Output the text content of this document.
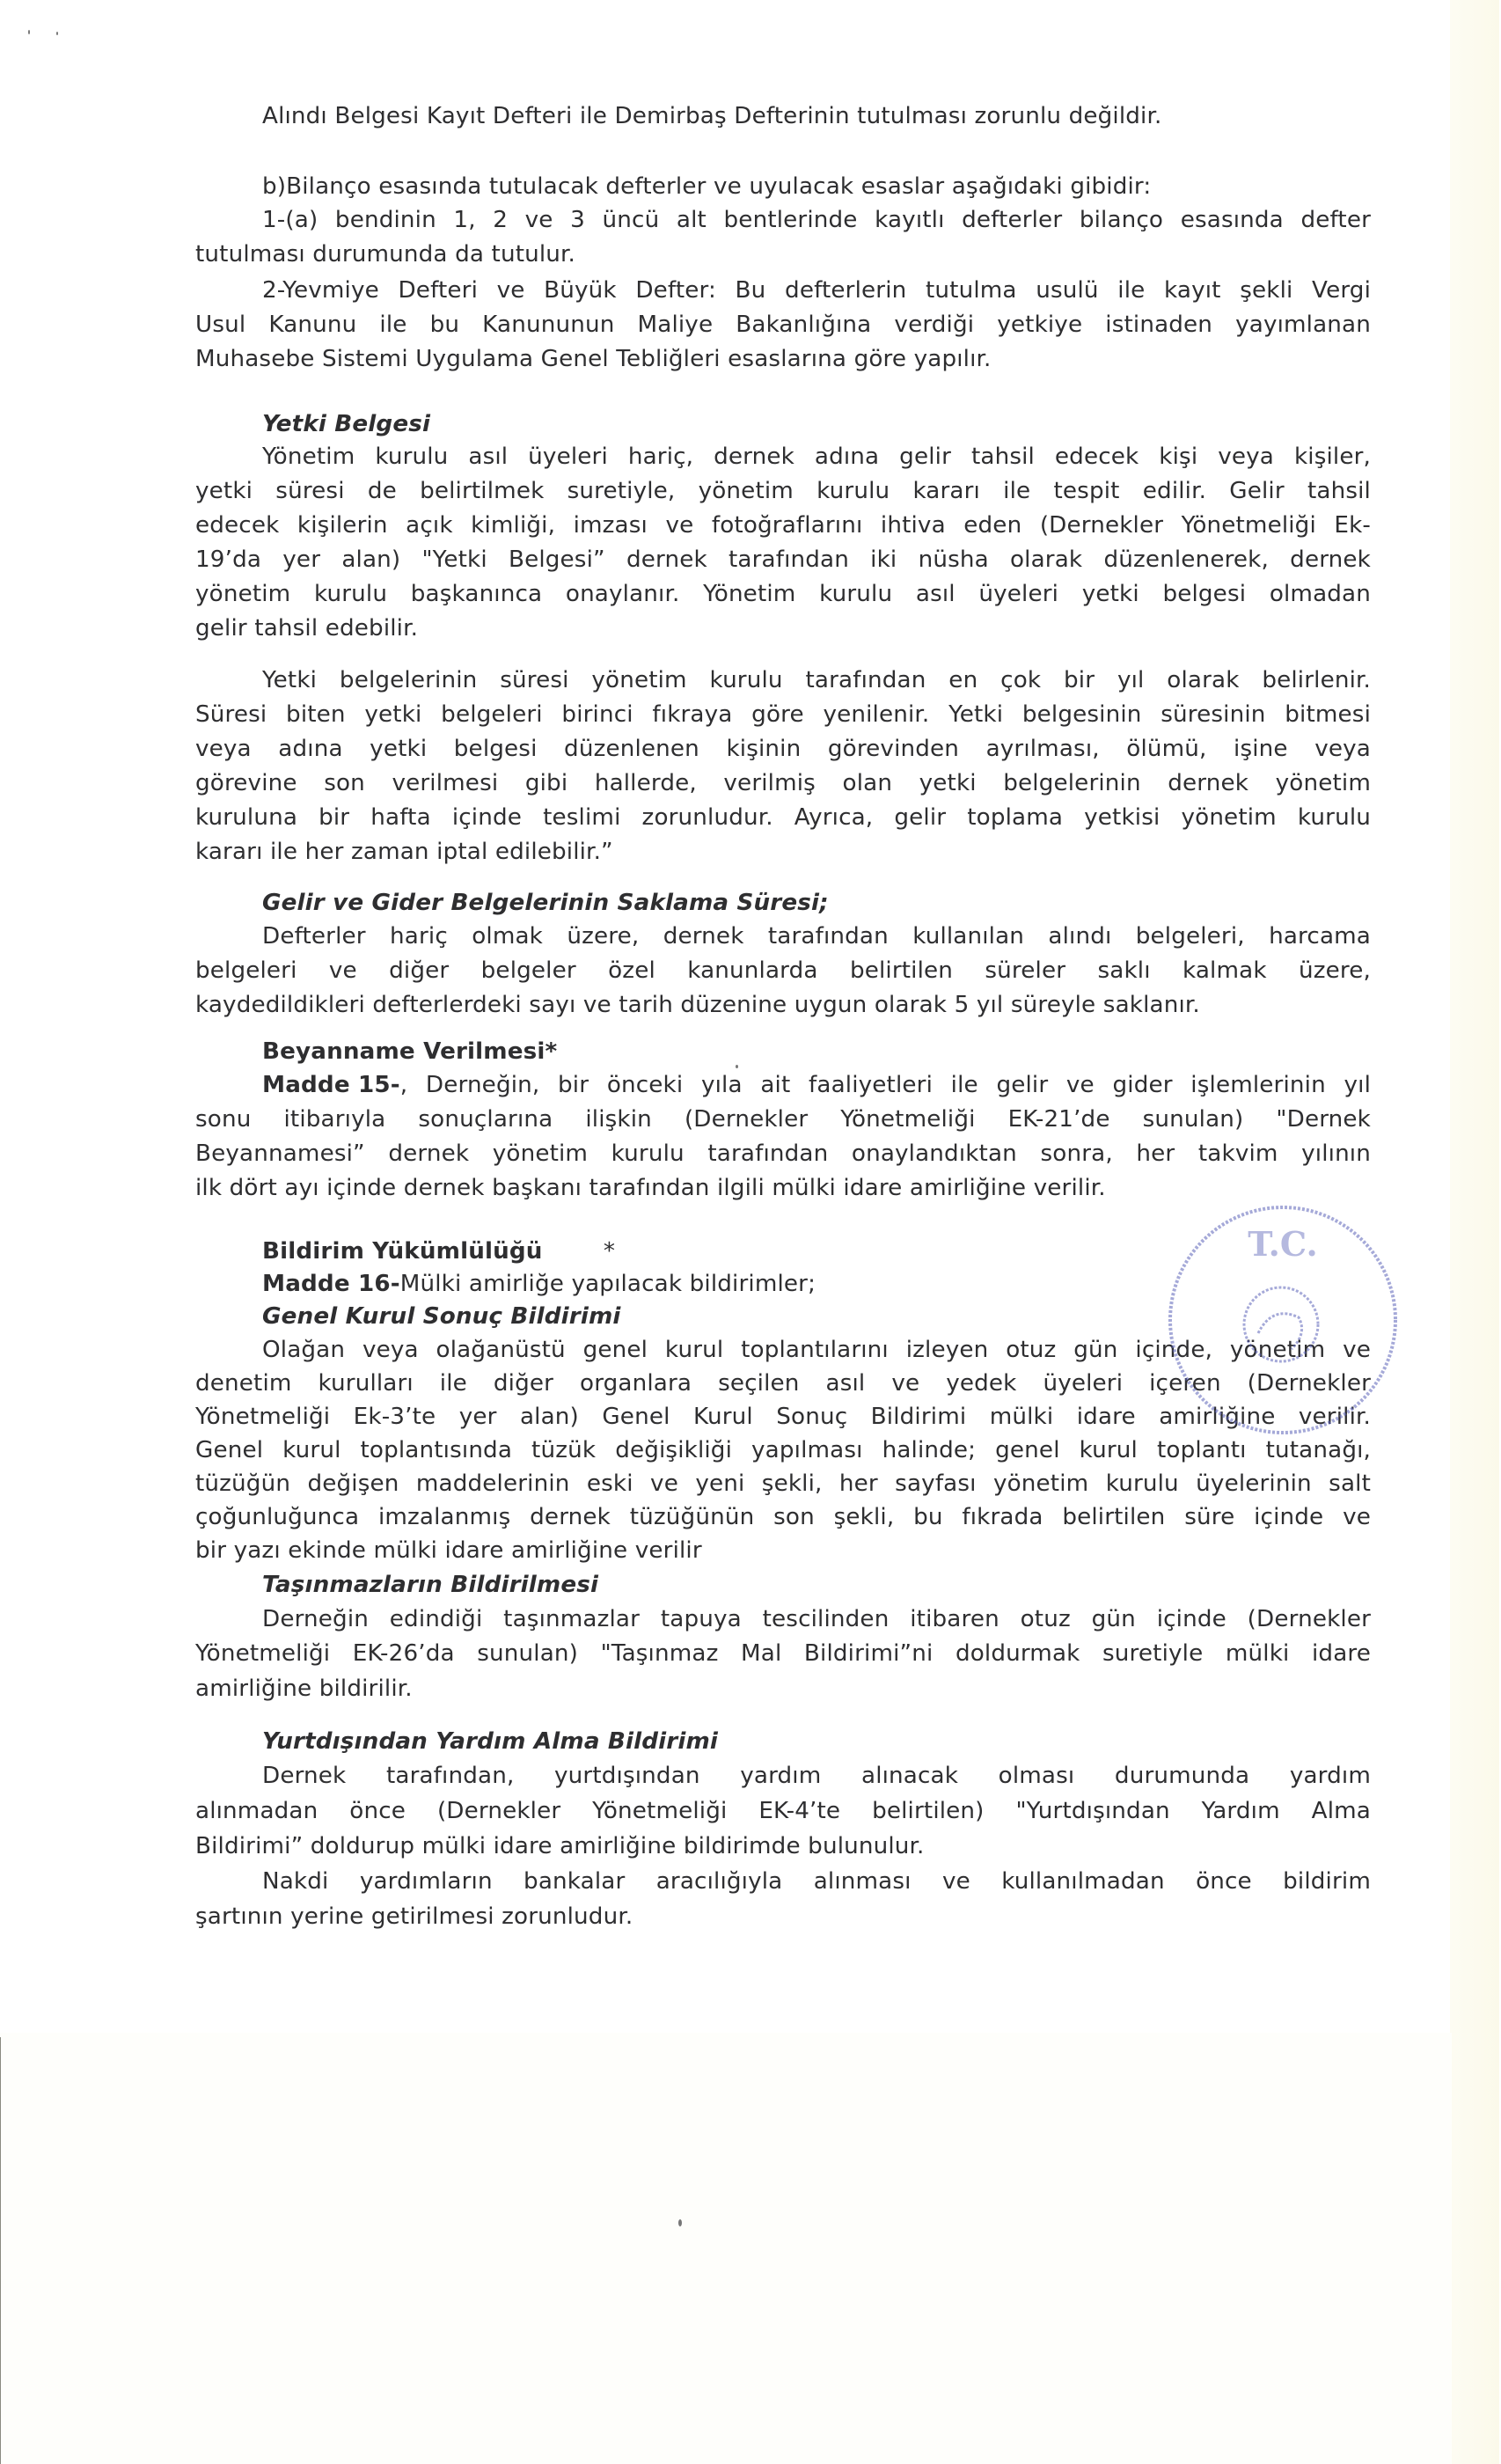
Alındı Belgesi Kayıt Defteri ile Demirbaş Defterinin tutulması zorunlu değildir.
b)Bilanço esasında tutulacak defterler ve uyulacak esaslar aşağıdaki gibidir:
1-(a) bendinin 1, 2 ve 3 üncü alt bentlerinde kayıtlı defterler bilanço esasında defter
tutulması durumunda da tutulur.
2-Yevmiye Defteri ve Büyük Defter: Bu defterlerin tutulma usulü ile kayıt şekli Vergi
Usul Kanunu ile bu Kanununun Maliye Bakanlığına verdiği yetkiye istinaden yayımlanan
Muhasebe Sistemi Uygulama Genel Tebliğleri esaslarına göre yapılır.
Yetki Belgesi
Yönetim kurulu asıl üyeleri hariç, dernek adına gelir tahsil edecek kişi veya kişiler,
yetki süresi de belirtilmek suretiyle, yönetim kurulu kararı ile tespit edilir. Gelir tahsil
edecek kişilerin açık kimliği, imzası ve fotoğraflarını ihtiva eden (Dernekler Yönetmeliği Ek-
19’da yer alan) "Yetki Belgesi” dernek tarafından iki nüsha olarak düzenlenerek, dernek
yönetim kurulu başkanınca onaylanır. Yönetim kurulu asıl üyeleri yetki belgesi olmadan
gelir tahsil edebilir.
Yetki belgelerinin süresi yönetim kurulu tarafından en çok bir yıl olarak belirlenir.
Süresi biten yetki belgeleri birinci fıkraya göre yenilenir. Yetki belgesinin süresinin bitmesi
veya adına yetki belgesi düzenlenen kişinin görevinden ayrılması, ölümü, işine veya
görevine son verilmesi gibi hallerde, verilmiş olan yetki belgelerinin dernek yönetim
kuruluna bir hafta içinde teslimi zorunludur. Ayrıca, gelir toplama yetkisi yönetim kurulu
kararı ile her zaman iptal edilebilir.”
Gelir ve Gider Belgelerinin Saklama Süresi;
Defterler hariç olmak üzere, dernek tarafından kullanılan alındı belgeleri, harcama
belgeleri ve diğer belgeler özel kanunlarda belirtilen süreler saklı kalmak üzere,
kaydedildikleri defterlerdeki sayı ve tarih düzenine uygun olarak 5 yıl süreyle saklanır.
Beyanname Verilmesi*
Madde 15- , Derneğin, bir önceki yıla ait faaliyetleri ile gelir ve gider işlemlerinin yıl
sonu itibarıyla sonuçlarına ilişkin (Dernekler Yönetmeliği EK-21’de sunulan) "Dernek
Beyannamesi” dernek yönetim kurulu tarafından onaylandıktan sonra, her takvim yılının
ilk dört ayı içinde dernek başkanı tarafından ilgili mülki idare amirliğine verilir.
Bildirim Yükümlülüğü	*
Madde 16-Mülki amirliğe yapılacak bildirimler;
Genel Kurul Sonuç Bildirimi
Olağan veya olağanüstü genel kurul toplantılarını izleyen otuz gün içinde, yönetim ve
denetim kurulları ile diğer organlara seçilen asıl ve yedek üyeleri içeren (Dernekler
Yönetmeliği Ek-3’te yer alan) Genel Kurul Sonuç Bildirimi mülki idare amirliğine verilir.
Genel kurul toplantısında tüzük değişikliği yapılması halinde; genel kurul toplantı tutanağı,
tüzüğün değişen maddelerinin eski ve yeni şekli, her sayfası yönetim kurulu üyelerinin salt
çoğunluğunca imzalanmış dernek tüzüğünün son şekli, bu fıkrada belirtilen süre içinde ve
bir yazı ekinde mülki idare amirliğine verilir
Taşınmazların Bildirilmesi
Derneğin edindiği taşınmazlar tapuya tescilinden itibaren otuz gün içinde (Dernekler
Yönetmeliği EK-26’da sunulan) "Taşınmaz Mal Bildirimi”ni doldurmak suretiyle mülki idare
amirliğine bildirilir.
Yurtdışından Yardım Alma Bildirimi
Dernek tarafından, yurtdışından yardım alınacak olması durumunda yardım
alınmadan önce (Dernekler Yönetmeliği EK-4’te belirtilen) "Yurtdışından Yardım Alma
Bildirimi” doldurup mülki idare amirliğine bildirimde bulunulur.
Nakdi yardımların bankalar aracılığıyla alınması ve kullanılmadan önce bildirim
şartının yerine getirilmesi zorunludur.
T.C.
